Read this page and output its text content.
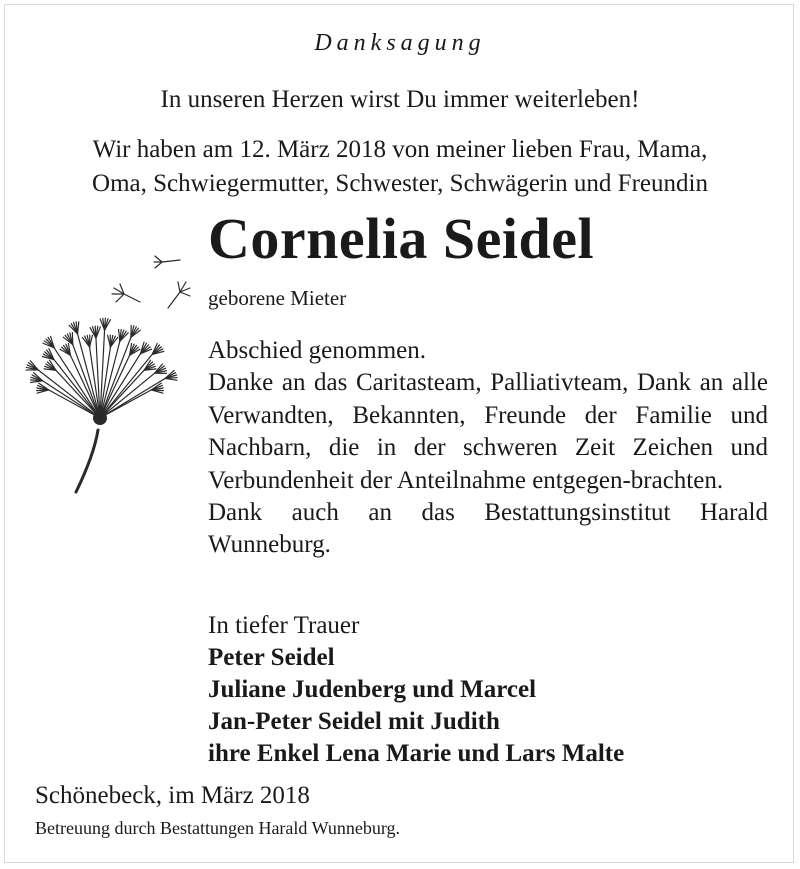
Danksagung
In unseren Herzen wirst Du immer weiterleben!
Wir haben am 12. März 2018 von meiner lieben Frau, Mama,
Oma, Schwiegermutter, Schwester, Schwägerin und Freundin
Cornelia Seidel
geborene Mieter
Abschied genommen.
Danke an das Caritasteam, Palliativteam, Dank an alle Verwandten, Bekannten, Freunde der Familie und Nachbarn, die in der schweren Zeit Zeichen und Verbundenheit der Anteilnahme entgegen-brachten.
Dank auch an das Bestattungsinstitut Harald Wunneburg.
In tiefer Trauer
Peter Seidel
Juliane Judenberg und Marcel
Jan-Peter Seidel mit Judith
ihre Enkel Lena Marie und Lars Malte
Schönebeck, im März 2018
Betreuung durch Bestattungen Harald Wunneburg.
